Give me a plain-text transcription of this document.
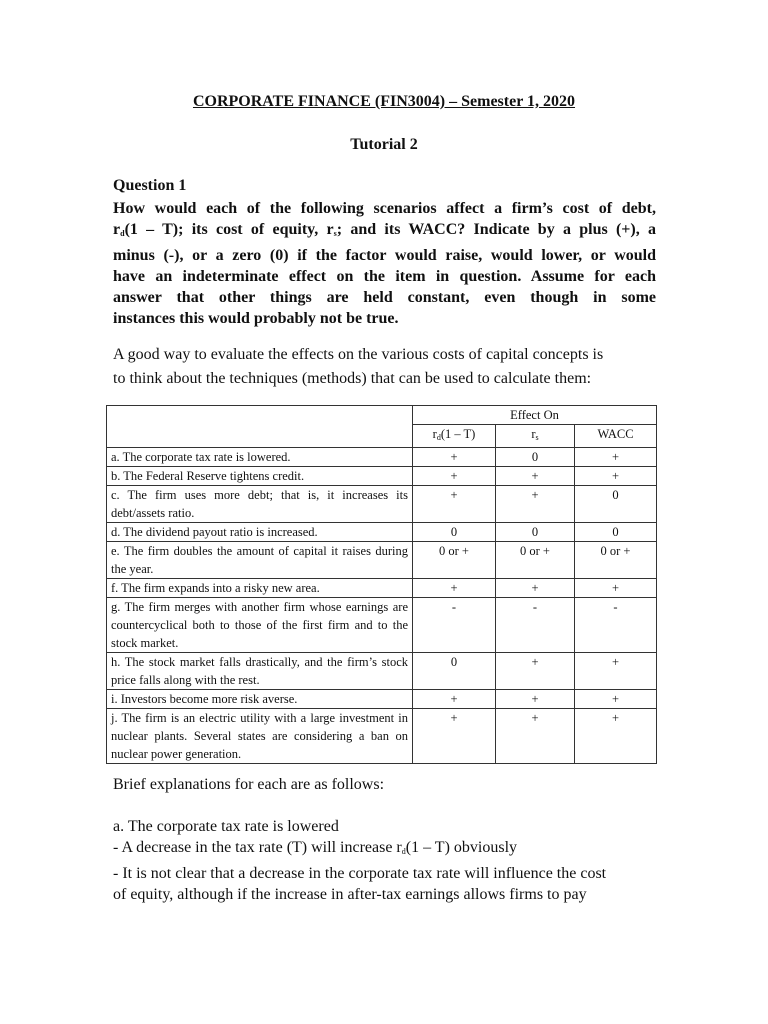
CORPORATE FINANCE (FIN3004) – Semester 1, 2020
Tutorial 2
Question 1
How would each of the following scenarios affect a firm’s cost of debt,
$r_d(1 - T)$; its cost of equity, $r_s$; and its WACC? Indicate by a plus (+), a
minus (-), or a zero (0) if the factor would raise, would lower, or would
have an indeterminate effect on the item in question. Assume for each
answer that other things are held constant, even though in some
instances this would probably not be true.
A good way to evaluate the effects on the various costs of capital concepts is
to think about the techniques (methods) that can be used to calculate them:
	Effect On		
	$r_d(1 - T)$	$r_s$	WACC
a. The corporate tax rate is lowered.	+	0	+
b. The Federal Reserve tightens credit.	+	+	+
c. The firm uses more debt; that is, it increases its debt/assets ratio.	+	+	0
d. The dividend payout ratio is increased.	0	0	0
e. The firm doubles the amount of capital it raises during the year.	0 or +	0 or +	0 or +
f. The firm expands into a risky new area.	+	+	+
g. The firm merges with another firm whose earnings are countercyclical both to those of the first firm and to the stock market.	-	-	-
h. The stock market falls drastically, and the firm’s stock price falls along with the rest.	0	+	+
i. Investors become more risk averse.	+	+	+
j. The firm is an electric utility with a large investment in nuclear plants. Several states are considering a ban on nuclear power generation.	+	+	+
Brief explanations for each are as follows:
a. The corporate tax rate is lowered
- A decrease in the tax rate (T) will increase $r_d(1 - T)$ obviously
- It is not clear that a decrease in the corporate tax rate will influence the cost
of equity, although if the increase in after-tax earnings allows firms to pay
